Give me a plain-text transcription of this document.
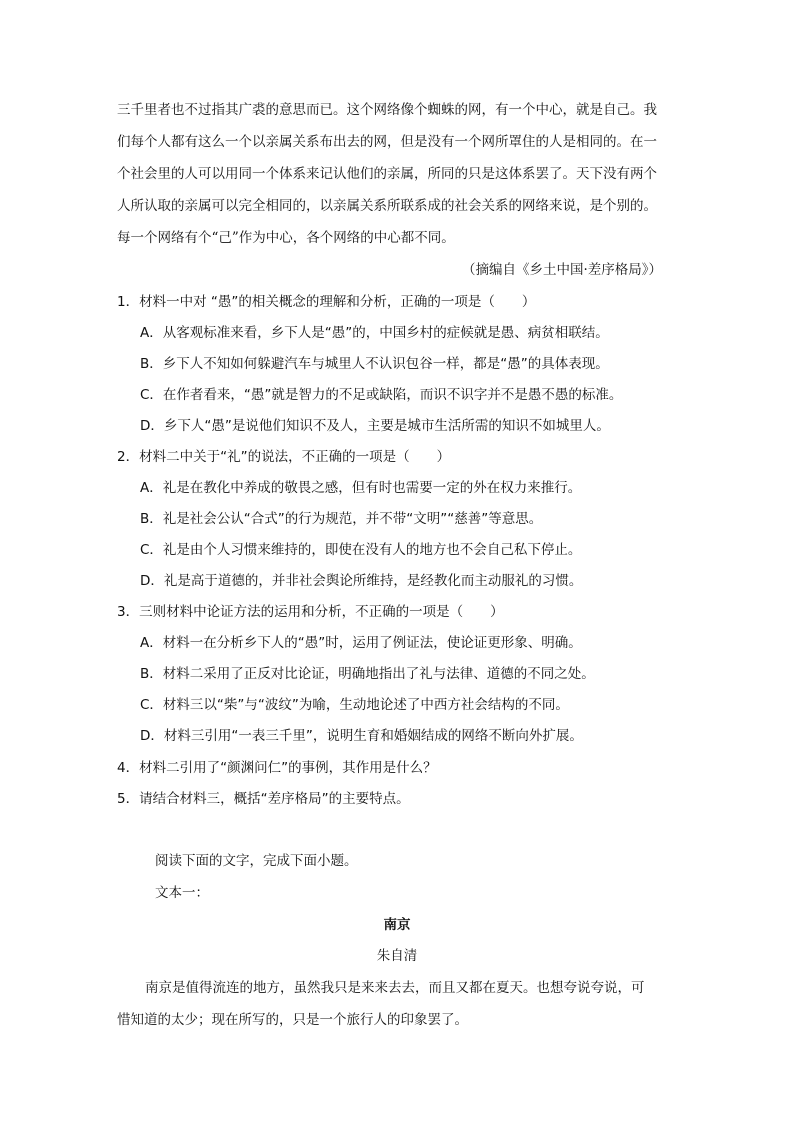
三千里者也不过指其广裘的意思而已。这个网络像个蜘蛛的网，有一个中心，就是自己。我
们每个人都有这么一个以亲属关系布出去的网，但是没有一个网所罩住的人是相同的。在一
个社会里的人可以用同一个体系来记认他们的亲属，所同的只是这体系罢了。天下没有两个
人所认取的亲属可以完全相同的，以亲属关系所联系成的社会关系的网络来说，是个别的。
每一个网络有个“己”作为中心，各个网络的中心都不同。
（摘编自《乡土中国·差序格局》）
1．材料一中对 “愚”的相关概念的理解和分析，正确的一项是（　　）
A．从客观标准来看，乡下人是“愚”的，中国乡村的症候就是愚、病贫相联结。
B．乡下人不知如何躲避汽车与城里人不认识包谷一样，都是“愚”的具体表现。
C．在作者看来，“愚”就是智力的不足或缺陷，而识不识字并不是愚不愚的标准。
D．乡下人“愚”是说他们知识不及人，主要是城市生活所需的知识不如城里人。
2．材料二中关于“礼”的说法，不正确的一项是（　　）
A．礼是在教化中养成的敬畏之感，但有时也需要一定的外在权力来推行。
B．礼是社会公认“合式”的行为规范，并不带“文明”“慈善”等意思。
C．礼是由个人习惯来维持的，即使在没有人的地方也不会自己私下停止。
D．礼是高于道德的，并非社会舆论所维持，是经教化而主动服礼的习惯。
3．三则材料中论证方法的运用和分析，不正确的一项是（　　）
A．材料一在分析乡下人的“愚”时，运用了例证法，使论证更形象、明确。
B．材料二采用了正反对比论证，明确地指出了礼与法律、道德的不同之处。
C．材料三以“柴”与“波纹”为喻，生动地论述了中西方社会结构的不同。
D．材料三引用“一表三千里”，说明生育和婚姻结成的网络不断向外扩展。
4．材料二引用了“颜渊问仁”的事例，其作用是什么？
5．请结合材料三，概括“差序格局”的主要特点。
阅读下面的文字，完成下面小题。
文本一：
南京
朱自清
南京是值得流连的地方，虽然我只是来来去去，而且又都在夏天。也想夸说夸说，可
惜知道的太少；现在所写的，只是一个旅行人的印象罢了。
